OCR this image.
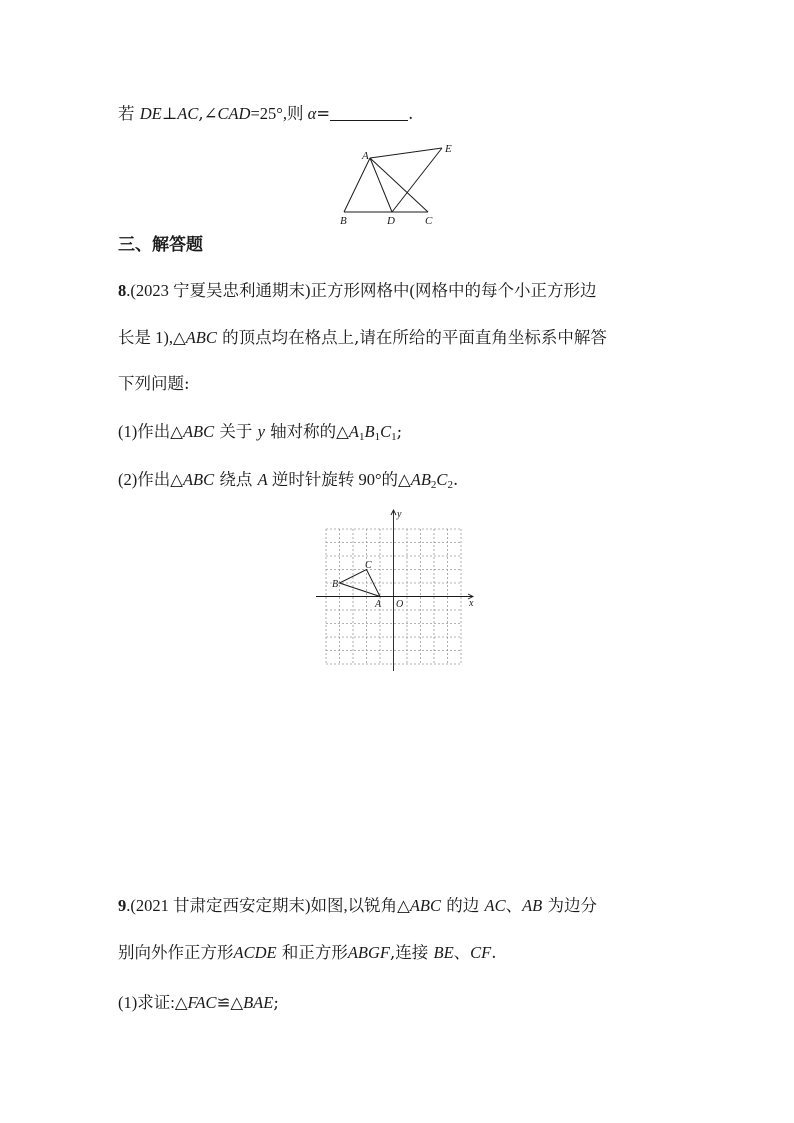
若 DE⊥AC,∠CAD=25°,则 α=	.
A
E
B	D	C
三、解答题
8.(2023 宁夏吴忠利通期末)正方形网格中(网格中的每个小正方形边
长是 1),△ABC 的顶点均在格点上,请在所给的平面直角坐标系中解答
下列问题:
(1)作出△ABC 关于 y 轴对称的$\triangle A_1B_1C_1$;
(2)作出△ABC 绕点 A 逆时针旋转 90°的$\triangle AB_2C_2$.
y
x
O
A
B
C
9.(2021 甘肃定西安定期末)如图,以锐角△ABC 的边 AC、AB 为边分
别向外作正方形ACDE 和正方形ABGF,连接 BE、CF.
(1)求证:△FAC≌△BAE;
